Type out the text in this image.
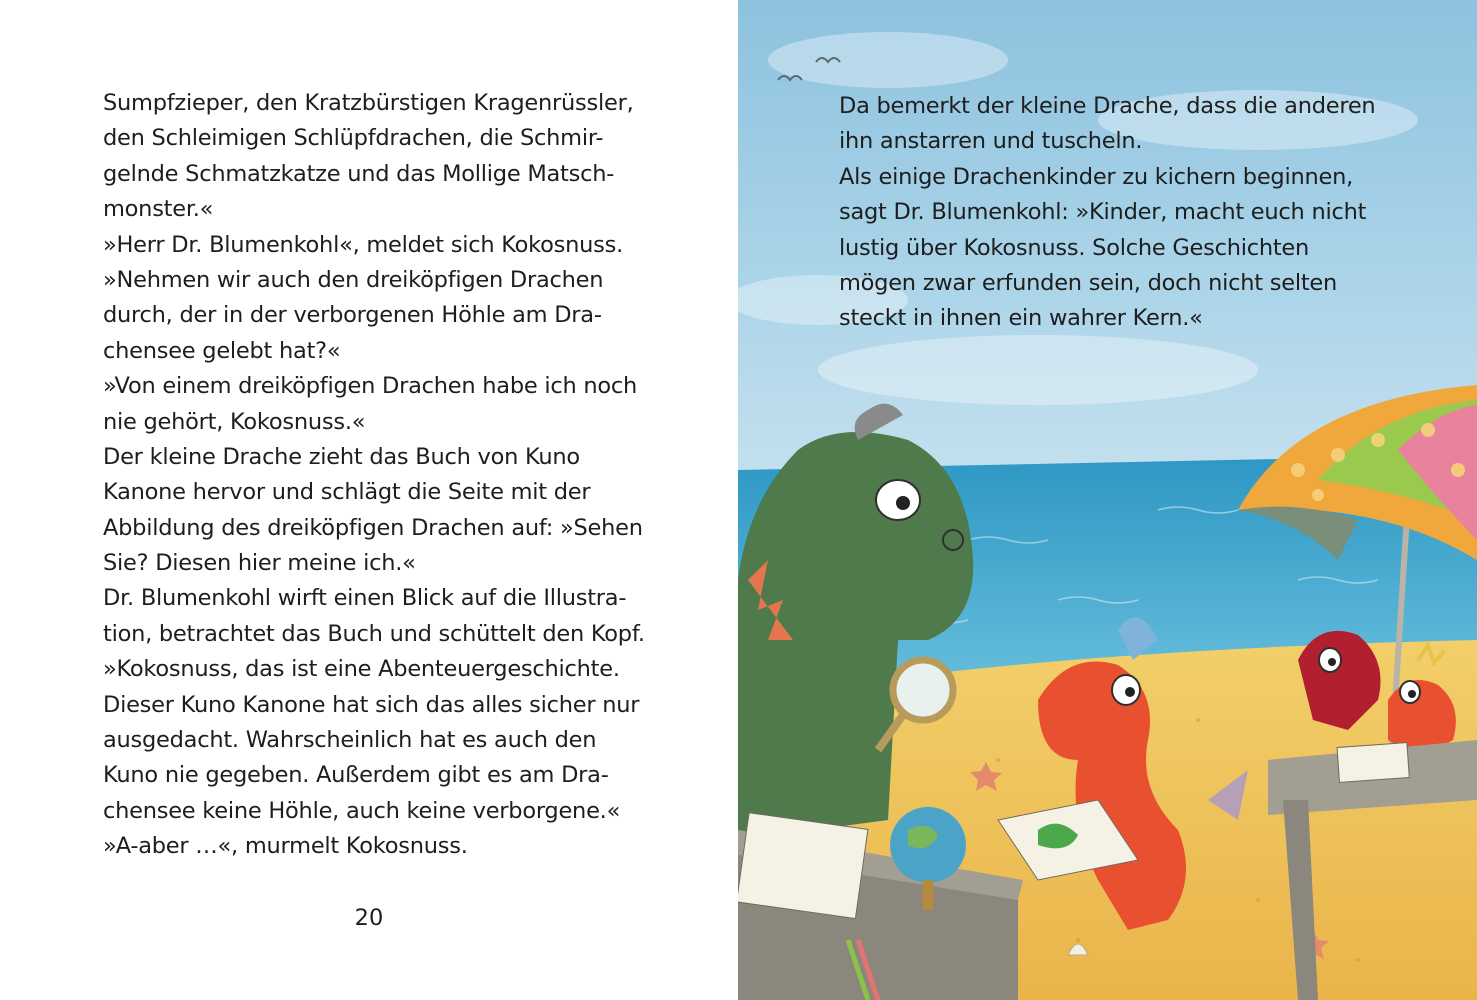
Sumpfzieper, den Kratzbürstigen Kragenrüssler,
den Schleimigen Schlüpfdrachen, die Schmir-
gelnde Schmatzkatze und das Mollige Matsch-
monster.«
»Herr Dr. Blumenkohl«, meldet sich Kokosnuss.
»Nehmen wir auch den dreiköpfigen Drachen
durch, der in der verborgenen Höhle am Dra-
chensee gelebt hat?«
»Von einem dreiköpfigen Drachen habe ich noch
nie gehört, Kokosnuss.«
Der kleine Drache zieht das Buch von Kuno
Kanone hervor und schlägt die Seite mit der
Abbildung des dreiköpfigen Drachen auf: »Sehen
Sie? Diesen hier meine ich.«
Dr. Blumenkohl wirft einen Blick auf die Illustra-
tion, betrachtet das Buch und schüttelt den Kopf.
»Kokosnuss, das ist eine Abenteuergeschichte.
Dieser Kuno Kanone hat sich das alles sicher nur
ausgedacht. Wahrscheinlich hat es auch den
Kuno nie gegeben. Außerdem gibt es am Dra-
chensee keine Höhle, auch keine verborgene.«
»A-aber …«, murmelt Kokosnuss.
20
Da bemerkt der kleine Drache, dass die anderen
ihn anstarren und tuscheln.
Als einige Drachenkinder zu kichern beginnen,
sagt Dr. Blumenkohl: »Kinder, macht euch nicht
lustig über Kokosnuss. Solche Geschichten
mögen zwar erfunden sein, doch nicht selten
steckt in ihnen ein wahrer Kern.«
